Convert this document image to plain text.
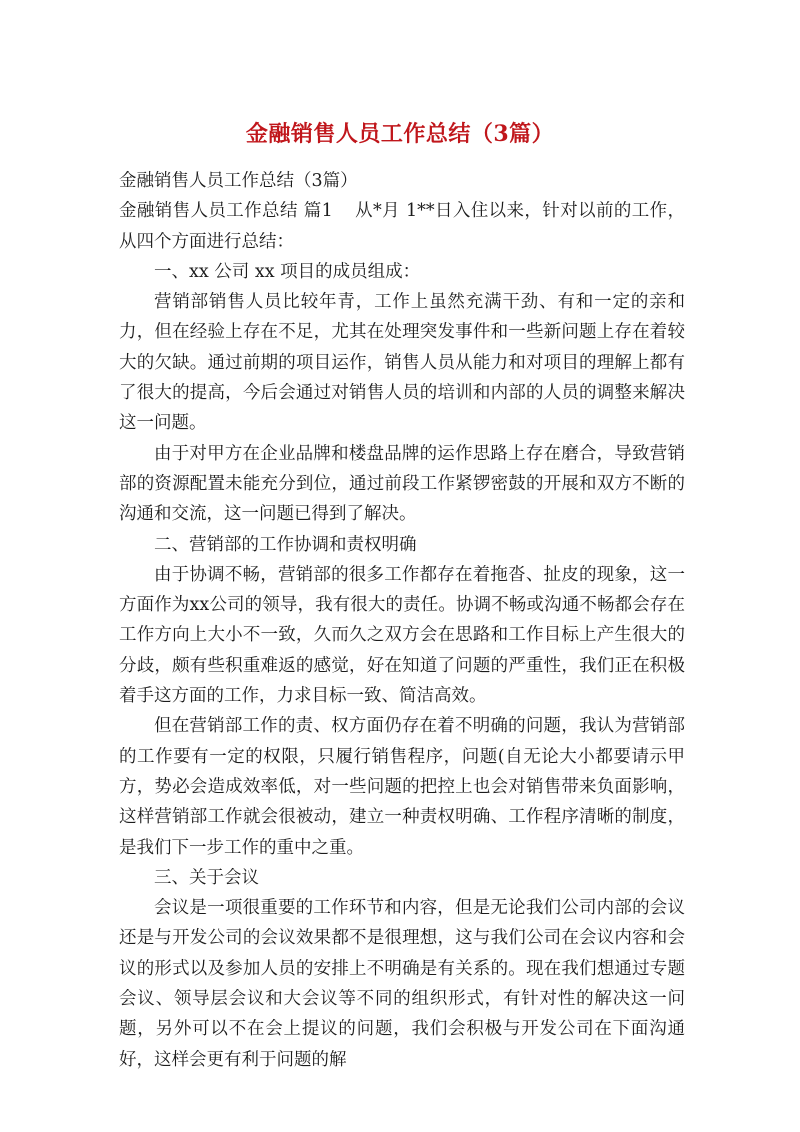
金融销售人员工作总结（3篇）

金融销售人员工作总结（3篇）

金融销售人员工作总结 篇1 从*月 1**日入住以来，针对以前的工作，从四个方面进行总结：

一、xx 公司 xx 项目的成员组成：

营销部销售人员比较年青，工作上虽然充满干劲、有和一定的亲和力，但在经验上存在不足，尤其在处理突发事件和一些新问题上存在着较大的欠缺。通过前期的项目运作，销售人员从能力和对项目的理解上都有了很大的提高，今后会通过对销售人员的培训和内部的人员的调整来解决这一问题。

由于对甲方在企业品牌和楼盘品牌的运作思路上存在磨合，导致营销部的资源配置未能充分到位，通过前段工作紧锣密鼓的开展和双方不断的沟通和交流，这一问题已得到了解决。

二、营销部的工作协调和责权明确

由于协调不畅，营销部的很多工作都存在着拖沓、扯皮的现象，这一方面作为xx公司的领导，我有很大的责任。协调不畅或沟通不畅都会存在工作方向上大小不一致，久而久之双方会在思路和工作目标上产生很大的分歧，颇有些积重难返的感觉，好在知道了问题的严重性，我们正在积极着手这方面的工作，力求目标一致、简洁高效。

但在营销部工作的责、权方面仍存在着不明确的问题，我认为营销部的工作要有一定的权限，只履行销售程序，问题(自无论大小都要请示甲方，势必会造成效率低，对一些问题的把控上也会对销售带来负面影响，这样营销部工作就会很被动，建立一种责权明确、工作程序清晰的制度，是我们下一步工作的重中之重。

三、关于会议

会议是一项很重要的工作环节和内容，但是无论我们公司内部的会议还是与开发公司的会议效果都不是很理想，这与我们公司在会议内容和会议的形式以及参加人员的安排上不明确是有关系的。现在我们想通过专题会议、领导层会议和大会议等不同的组织形式，有针对性的解决这一问题，另外可以不在会上提议的问题，我们会积极与开发公司在下面沟通好，这样会更有利于问题的解
